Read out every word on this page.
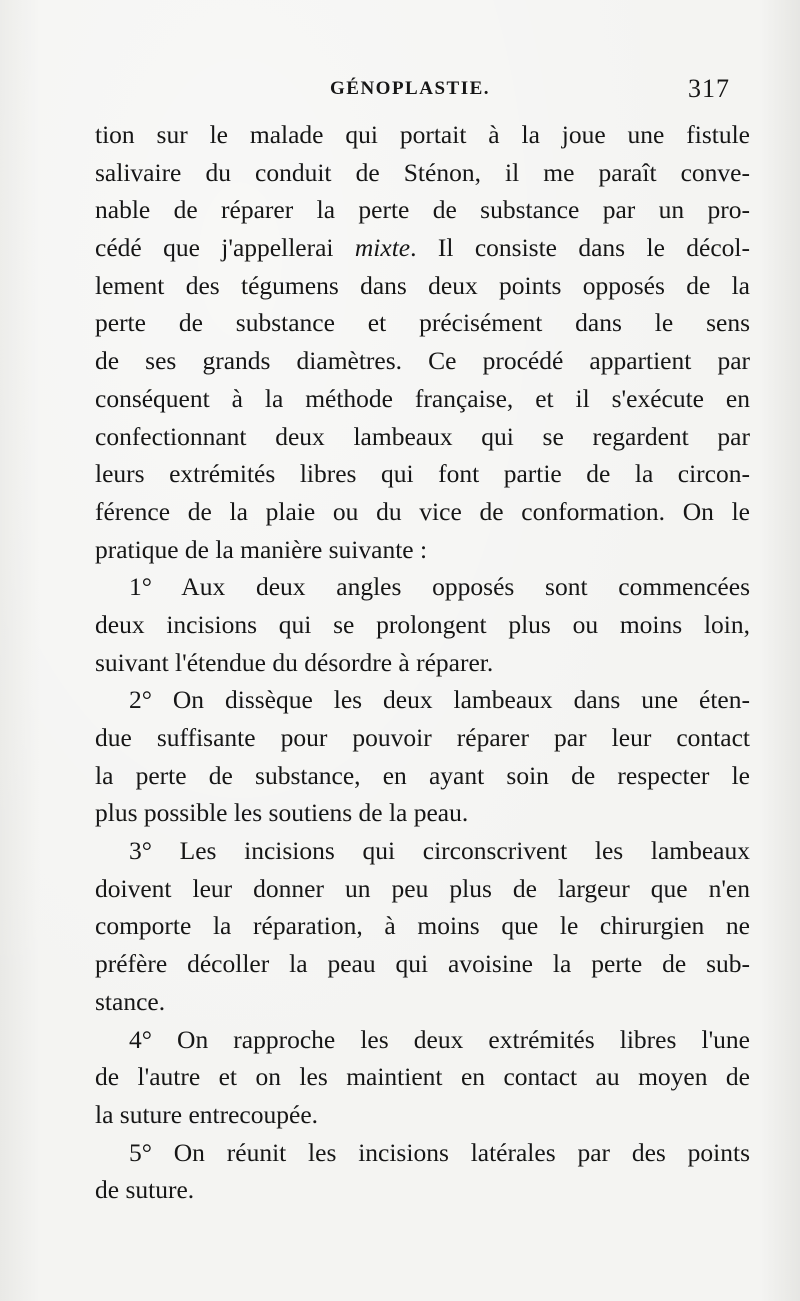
GÉNOPLASTIE.	317
tion sur le malade qui portait à la joue une fistule
salivaire du conduit de Sténon, il me paraît conve-
nable de réparer la perte de substance par un pro-
cédé que j'appellerai mixte. Il consiste dans le décol-
lement des tégumens dans deux points opposés de la
perte de substance et précisément dans le sens
de ses grands diamètres. Ce procédé appartient par
conséquent à la méthode française, et il s'exécute en
confectionnant deux lambeaux qui se regardent par
leurs extrémités libres qui font partie de la circon-
férence de la plaie ou du vice de conformation. On le
pratique de la manière suivante :
1° Aux deux angles opposés sont commencées
deux incisions qui se prolongent plus ou moins loin,
suivant l'étendue du désordre à réparer.
2° On dissèque les deux lambeaux dans une éten-
due suffisante pour pouvoir réparer par leur contact
la perte de substance, en ayant soin de respecter le
plus possible les soutiens de la peau.
3° Les incisions qui circonscrivent les lambeaux
doivent leur donner un peu plus de largeur que n'en
comporte la réparation, à moins que le chirurgien ne
préfère décoller la peau qui avoisine la perte de sub-
stance.
4° On rapproche les deux extrémités libres l'une
de l'autre et on les maintient en contact au moyen de
la suture entrecoupée.
5° On réunit les incisions latérales par des points
de suture.
